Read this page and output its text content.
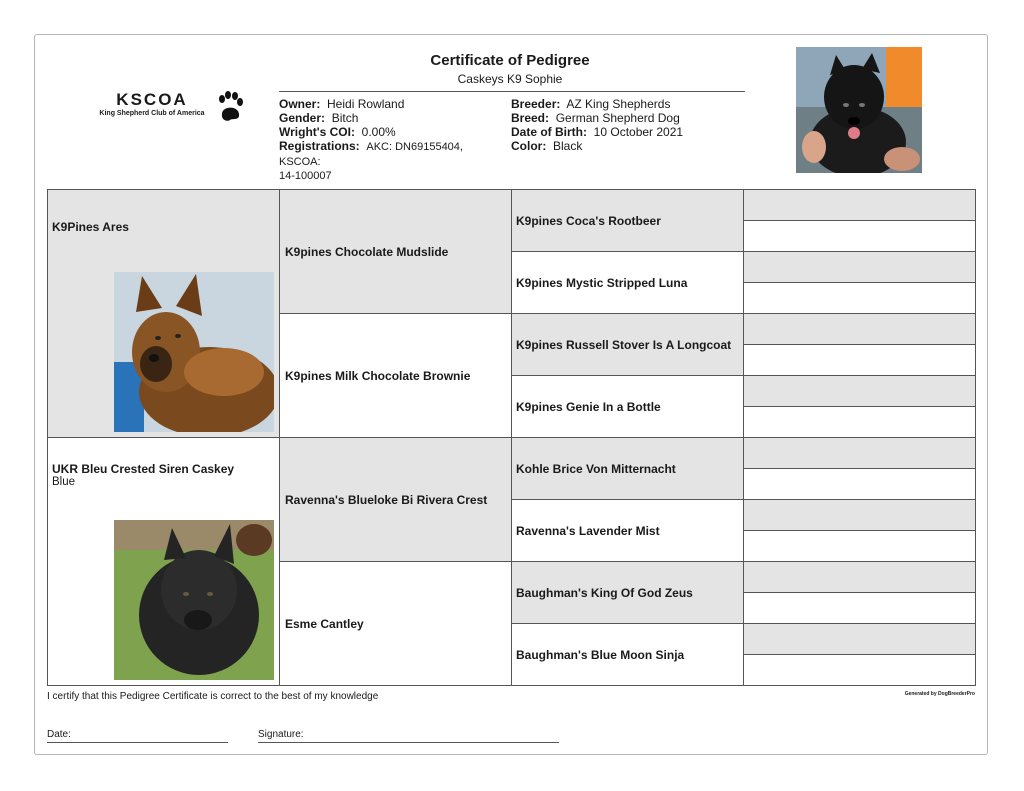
KSCOA
King Shepherd Club of America
Certificate of Pedigree
Caskeys K9 Sophie
Owner: Heidi Rowland
Gender: Bitch
Wright's COI: 0.00%
Registrations: AKC: DN69155404, KSCOA:
14-100007
Breeder: AZ King Shepherds
Breed: German Shepherd Dog
Date of Birth: 10 October 2021
Color: Black
K9Pines Ares
UKR Bleu Crested Siren Caskey
Blue
K9pines Chocolate Mudslide
K9pines Milk Chocolate Brownie
Ravenna's Blueloke Bi Rivera Crest
Esme Cantley
K9pines Coca's Rootbeer
K9pines Mystic Stripped Luna
K9pines Russell Stover Is A Longcoat
K9pines Genie In a Bottle
Kohle Brice Von Mitternacht
Ravenna's Lavender Mist
Baughman's King Of God Zeus
Baughman's Blue Moon Sinja
I certify that this Pedigree Certificate is correct to the best of my knowledge	Generated by DogBreederPro
Date:	Signature:
